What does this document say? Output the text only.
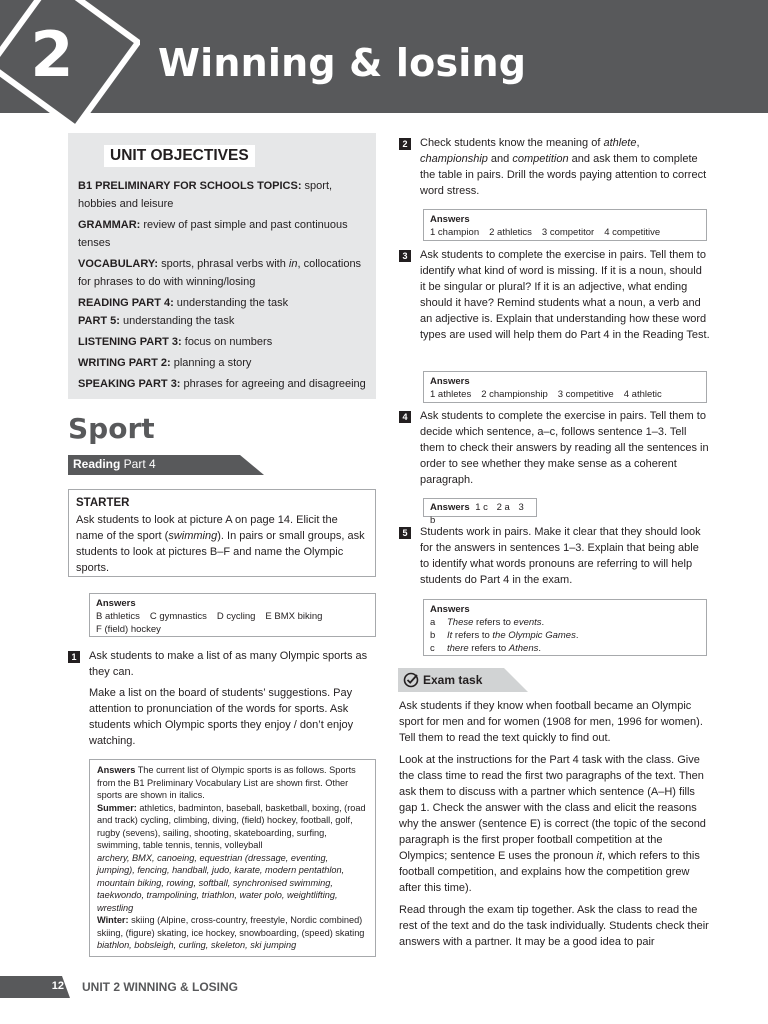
2 Winning & losing
UNIT OBJECTIVES
B1 PRELIMINARY FOR SCHOOLS TOPICS: sport, hobbies and leisure
GRAMMAR: review of past simple and past continuous tenses
VOCABULARY: sports, phrasal verbs with in, collocations for phrases to do with winning/losing
READING PART 4: understanding the task
PART 5: understanding the task
LISTENING PART 3: focus on numbers
WRITING PART 2: planning a story
SPEAKING PART 3: phrases for agreeing and disagreeing
Sport
Reading Part 4
STARTER
Ask students to look at picture A on page 14. Elicit the name of the sport (swimming). In pairs or small groups, ask students to look at pictures B–F and name the Olympic sports.
Answers
B athletics C gymnastics D cycling E BMX biking
F (field) hockey
1	Ask students to make a list of as many Olympic sports as they can.
Make a list on the board of students’ suggestions. Pay attention to pronunciation of the words for sports. Ask students which Olympic sports they enjoy / don’t enjoy watching.
Answers The current list of Olympic sports is as follows. Sports from the B1 Preliminary Vocabulary List are shown first. Other sports are shown in italics.
Summer: athletics, badminton, baseball, basketball, boxing, (road and track) cycling, climbing, diving, (field) hockey, football, golf, rugby (sevens), sailing, shooting, skateboarding, surfing, swimming, table tennis, tennis, volleyball
archery, BMX, canoeing, equestrian (dressage, eventing, jumping), fencing, handball, judo, karate, modern pentathlon, mountain biking, rowing, softball, synchronised swimming, taekwondo, trampolining, triathlon, water polo, weightlifting, wrestling
Winter: skiing (Alpine, cross-country, freestyle, Nordic combined) skiing, (figure) skating, ice hockey, snowboarding, (speed) skating
biathlon, bobsleigh, curling, skeleton, ski jumping
12 UNIT 2 WINNING & LOSING
2	Check students know the meaning of athlete, championship and competition and ask them to complete the table in pairs. Drill the words paying attention to correct word stress.
Answers
1 champion 2 athletics 3 competitor 4 competitive
3	Ask students to complete the exercise in pairs. Tell them to identify what kind of word is missing. If it is a noun, should it be singular or plural? If it is an adjective, what ending should it have? Remind students what a noun, a verb and an adjective is. Explain that understanding how these word types are used will help them do Part 4 in the Reading Test.
Answers
1 athletes 2 championship 3 competitive 4 athletic
4	Ask students to complete the exercise in pairs. Tell them to decide which sentence, a–c, follows sentence 1–3. Tell them to check their answers by reading all the sentences in order to see whether they make sense as a coherent paragraph.
Answers 1 c 2 a 3 b
5	Students work in pairs. Make it clear that they should look for the answers in sentences 1–3. Explain that being able to identify what words pronouns are referring to will help students do Part 4 in the exam.
Answers
a These refers to events.
b It refers to the Olympic Games.
c there refers to Athens.
Exam task
Ask students if they know when football became an Olympic sport for men and for women (1908 for men, 1996 for women). Tell them to read the text quickly to find out.
Look at the instructions for the Part 4 task with the class. Give the class time to read the first two paragraphs of the text. Then ask them to discuss with a partner which sentence (A–H) fills gap 1. Check the answer with the class and elicit the reasons why the answer (sentence E) is correct (the topic of the second paragraph is the first proper football competition at the Olympics; sentence E uses the pronoun it, which refers to this football competition, and explains how the competition grew after this time).
Read through the exam tip together. Ask the class to read the rest of the text and do the task individually. Students check their answers with a partner. It may be a good idea to pair
